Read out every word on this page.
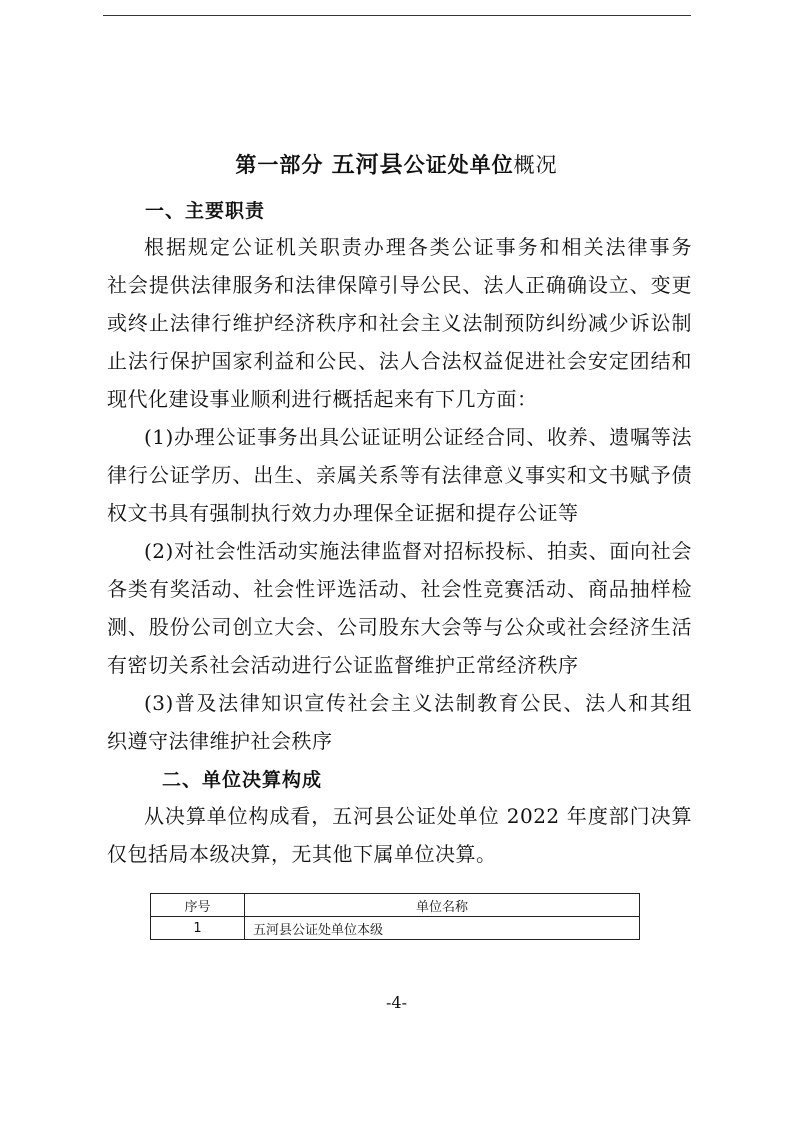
第一部分 五河县公证处单位概况
一、主要职责
根据规定公证机关职责办理各类公证事务和相关法律事务
社会提供法律服务和法律保障引导公民、法人正确确设立、变更
或终止法律行维护经济秩序和社会主义法制预防纠纷减少诉讼制
止法行保护国家利益和公民、法人合法权益促进社会安定团结和
现代化建设事业顺利进行概括起来有下几方面：
(1)办理公证事务出具公证证明公证经合同、收养、遗嘱等法
律行公证学历、出生、亲属关系等有法律意义事实和文书赋予债
权文书具有强制执行效力办理保全证据和提存公证等
(2)对社会性活动实施法律监督对招标投标、拍卖、面向社会
各类有奖活动、社会性评选活动、社会性竞赛活动、商品抽样检
测、股份公司创立大会、公司股东大会等与公众或社会经济生活
有密切关系社会活动进行公证监督维护正常经济秩序
(3)普及法律知识宣传社会主义法制教育公民、法人和其组
织遵守法律维护社会秩序
二、单位决算构成
从决算单位构成看，五河县公证处单位 2022 年度部门决算
仅包括局本级决算，无其他下属单位决算。
序号	单位名称
1	五河县公证处单位本级
-4-
